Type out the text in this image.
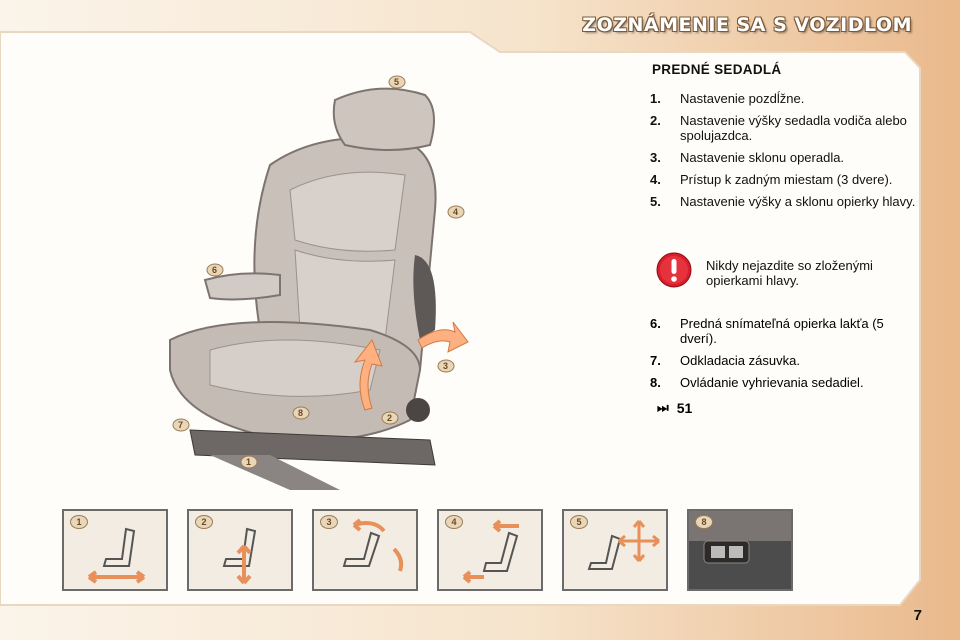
ZOZNÁMENIE SA S VOZIDLOM
5
4
6
3
8	2
7
1
PREDNÉ SEDADLÁ
1.	Nastavenie pozdĺžne.
2.	Nastavenie výšky sedadla vodiča alebo spolujazdca.
3.	Nastavenie sklonu operadla.
4.	Prístup k zadným miestam (3 dvere).
5.	Nastavenie výšky a sklonu opierky hlavy.
Nikdy nejazdite so zloženými opierkami hlavy.
6.	Predná snímateľná opierka lakťa (5 dverí).
7.	Odkladacia zásuvka.
8.	Ovládanie vyhrievania sedadiel.
⏭ 51
1	2	3	4	5	8
7
